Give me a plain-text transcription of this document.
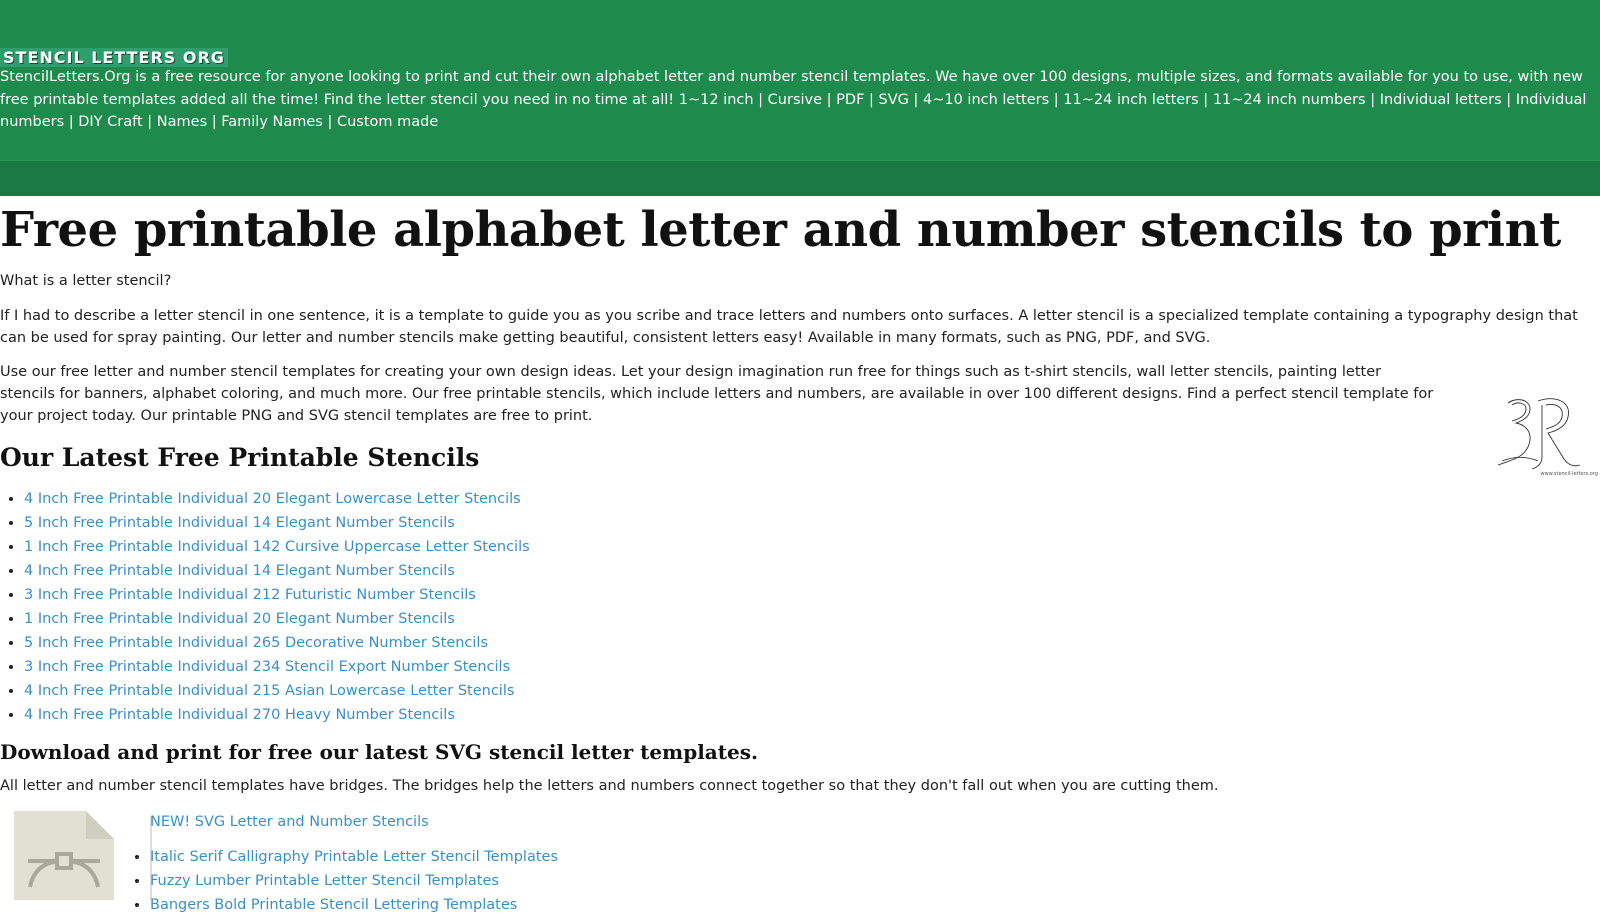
STENCIL LETTERS ORG
StencilLetters.Org is a free resource for anyone looking to print and cut their own alphabet letter and number stencil templates. We have over 100 designs, multiple sizes, and formats available for you to use, with new free printable templates added all the time! Find the letter stencil you need in no time at all! 1~12 inch | Cursive | PDF | SVG | 4~10 inch letters | 11~24 inch letters | 11~24 inch numbers | Individual letters | Individual numbers | DIY Craft | Names | Family Names | Custom made
Free printable alphabet letter and number stencils to print

What is a letter stencil?

If I had to describe a letter stencil in one sentence, it is a template to guide you as you scribe and trace letters and numbers onto surfaces. A letter stencil is a specialized template containing a typography design that can be used for spray painting. Our letter and number stencils make getting beautiful, consistent letters easy! Available in many formats, such as PNG, PDF, and SVG.

Use our free letter and number stencil templates for creating your own design ideas. Let your design imagination run free for things such as t-shirt stencils, wall letter stencils, painting letter stencils for banners, alphabet coloring, and much more. Our free printable stencils, which include letters and numbers, are available in over 100 different designs. Find a perfect stencil template for your project today. Our printable PNG and SVG stencil templates are free to print.

www.stencil-letters.org
Our Latest Free Printable Stencils
• 4 Inch Free Printable Individual 20 Elegant Lowercase Letter Stencils
• 5 Inch Free Printable Individual 14 Elegant Number Stencils
• 1 Inch Free Printable Individual 142 Cursive Uppercase Letter Stencils
• 4 Inch Free Printable Individual 14 Elegant Number Stencils
• 3 Inch Free Printable Individual 212 Futuristic Number Stencils
• 1 Inch Free Printable Individual 20 Elegant Number Stencils
• 5 Inch Free Printable Individual 265 Decorative Number Stencils
• 3 Inch Free Printable Individual 234 Stencil Export Number Stencils
• 4 Inch Free Printable Individual 215 Asian Lowercase Letter Stencils
• 4 Inch Free Printable Individual 270 Heavy Number Stencils
Download and print for free our latest SVG stencil letter templates.

All letter and number stencil templates have bridges. The bridges help the letters and numbers connect together so that they don't fall out when you are cutting them.

NEW! SVG Letter and Number Stencils
• Italic Serif Calligraphy Printable Letter Stencil Templates
• Fuzzy Lumber Printable Letter Stencil Templates
• Bangers Bold Printable Stencil Lettering Templates
